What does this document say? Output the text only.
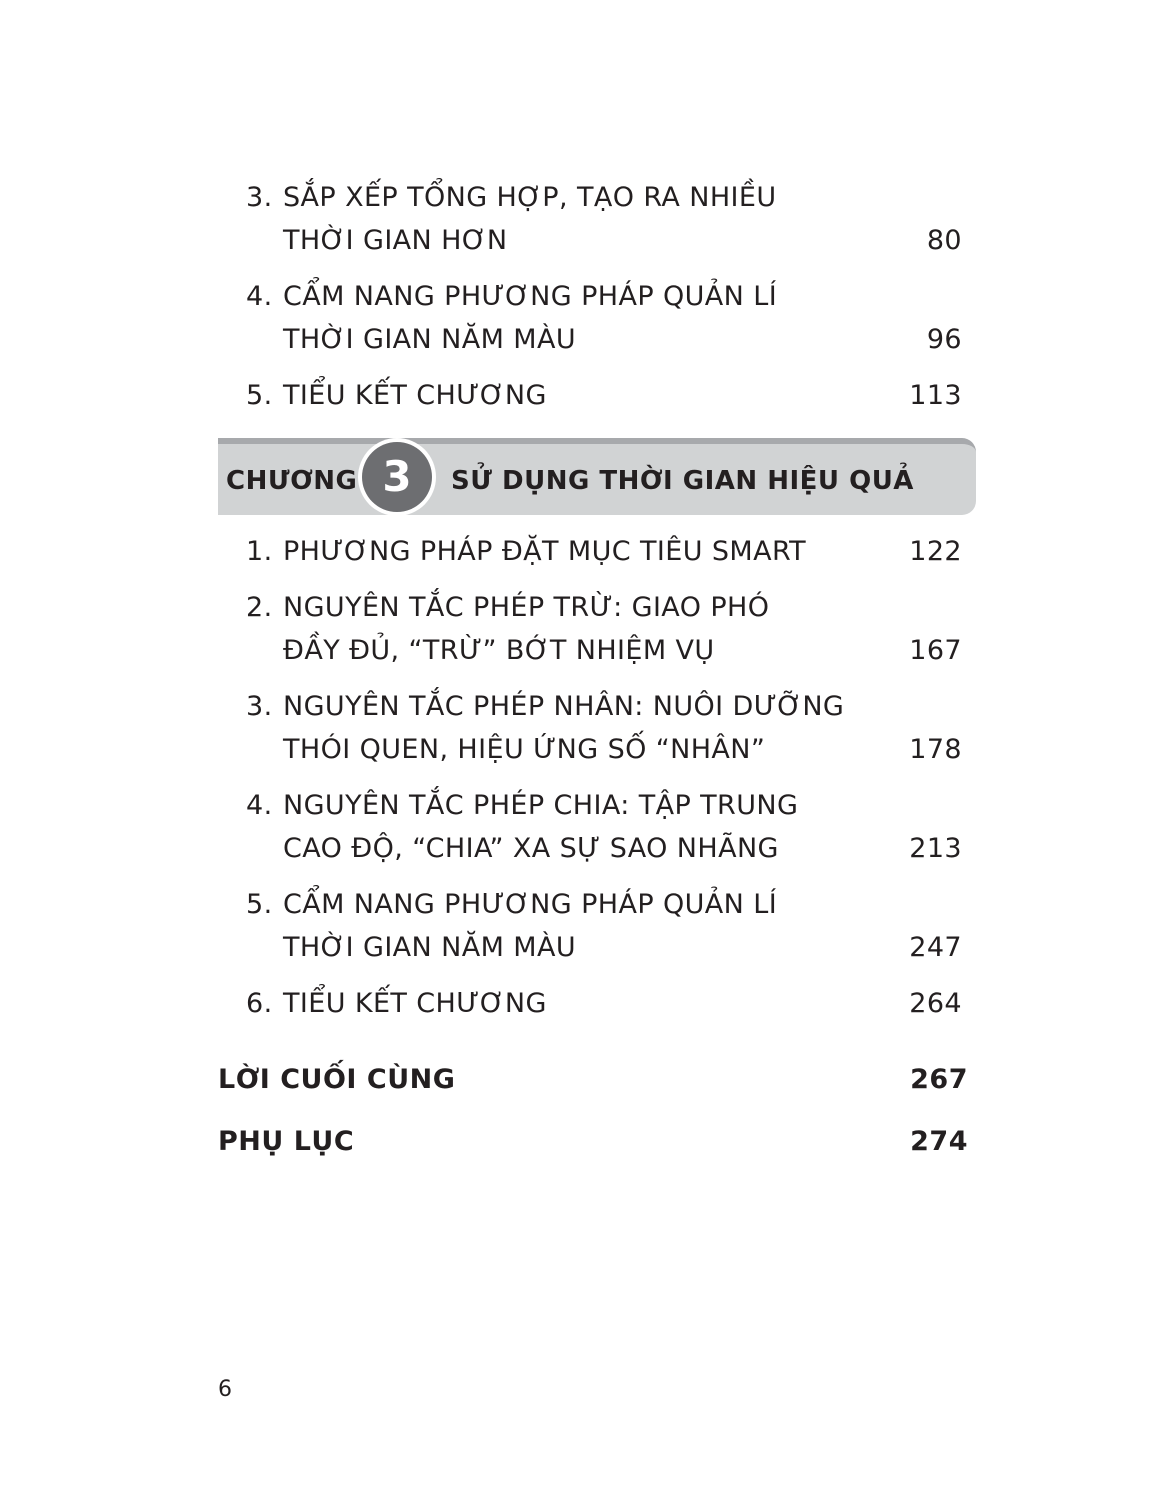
3. SẮP XẾP TỔNG HỢP, TẠO RA NHIỀU
THỜI GIAN HƠN	80
4. CẨM NANG PHƯƠNG PHÁP QUẢN LÍ
THỜI GIAN NĂM MÀU	96
5. TIỂU KẾT CHƯƠNG	113
CHƯƠNG 3	SỬ DỤNG THỜI GIAN HIỆU QUẢ
1. PHƯƠNG PHÁP ĐẶT MỤC TIÊU SMART	122
2. NGUYÊN TẮC PHÉP TRỪ: GIAO PHÓ
ĐẦY ĐỦ, “TRỪ” BỚT NHIỆM VỤ	167
3. NGUYÊN TẮC PHÉP NHÂN: NUÔI DƯỠNG
THÓI QUEN, HIỆU ỨNG SỐ “NHÂN”	178
4. NGUYÊN TẮC PHÉP CHIA: TẬP TRUNG
CAO ĐỘ, “CHIA” XA SỰ SAO NHÃNG	213
5. CẨM NANG PHƯƠNG PHÁP QUẢN LÍ
THỜI GIAN NĂM MÀU	247
6. TIỂU KẾT CHƯƠNG	264
LỜI CUỐI CÙNG	267
PHỤ LỤC	274
6
